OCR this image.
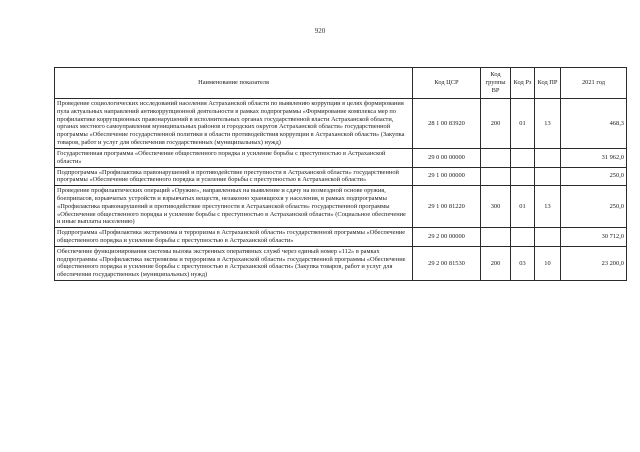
920
Наименование показателя	Код ЦСР	Код группы ВР	Код Рз	Код ПР	2021 год
Проведение социологических исследований населения Астраханской области по выявлению коррупции в целях формирования пула актуальных направлений антикоррупционной деятельности в рамках подпрограммы «Формирование комплекса мер по профилактике коррупционных правонарушений в исполнительных органах государственной власти Астраханской области, органах местного самоуправления муниципальных районов и городских округов Астраханской области» государственной программы «Обеспечение государственной политики в области противодействия коррупции в Астраханской области» (Закупка товаров, работ и услуг для обеспечения государственных (муниципальных) нужд)	28 1 00 83920	200	01	13	468,3
Государственная программа «Обеспечение общественного порядка и усиление борьбы с преступностью в Астраханской области»	29 0 00 00000				31 962,0
Подпрограмма «Профилактика правонарушений и противодействие преступности в Астраханской области» государственной программы «Обеспечение общественного порядка и усиление борьбы с преступностью в Астраханской области»	29 1 00 00000				250,0
Проведение профилактических операций «Оружие», направленных на выявление и сдачу на возмездной основе оружия, боеприпасов, взрывчатых устройств и взрывчатых веществ, незаконно хранящихся у населения, в рамках подпрограммы «Профилактика правонарушений и противодействие преступности в Астраханской области» государственной программы «Обеспечение общественного порядка и усиление борьбы с преступностью в Астраханской области» (Социальное обеспечение и иные выплаты населению)	29 1 00 81220	300	01	13	250,0
Подпрограмма «Профилактика экстремизма и терроризма в Астраханской области» государственной программы «Обеспечение общественного порядка и усиление борьбы с преступностью в Астраханской области»	29 2 00 00000				30 712,0
Обеспечение функционирования системы вызова экстренных оперативных служб через единый номер «112» в рамках подпрограммы «Профилактика экстремизма и терроризма в Астраханской области» государственной программы «Обеспечение общественного порядка и усиление борьбы с преступностью в Астраханской области» (Закупка товаров, работ и услуг для обеспечения государственных (муниципальных) нужд)	29 2 00 81530	200	03	10	23 200,0
